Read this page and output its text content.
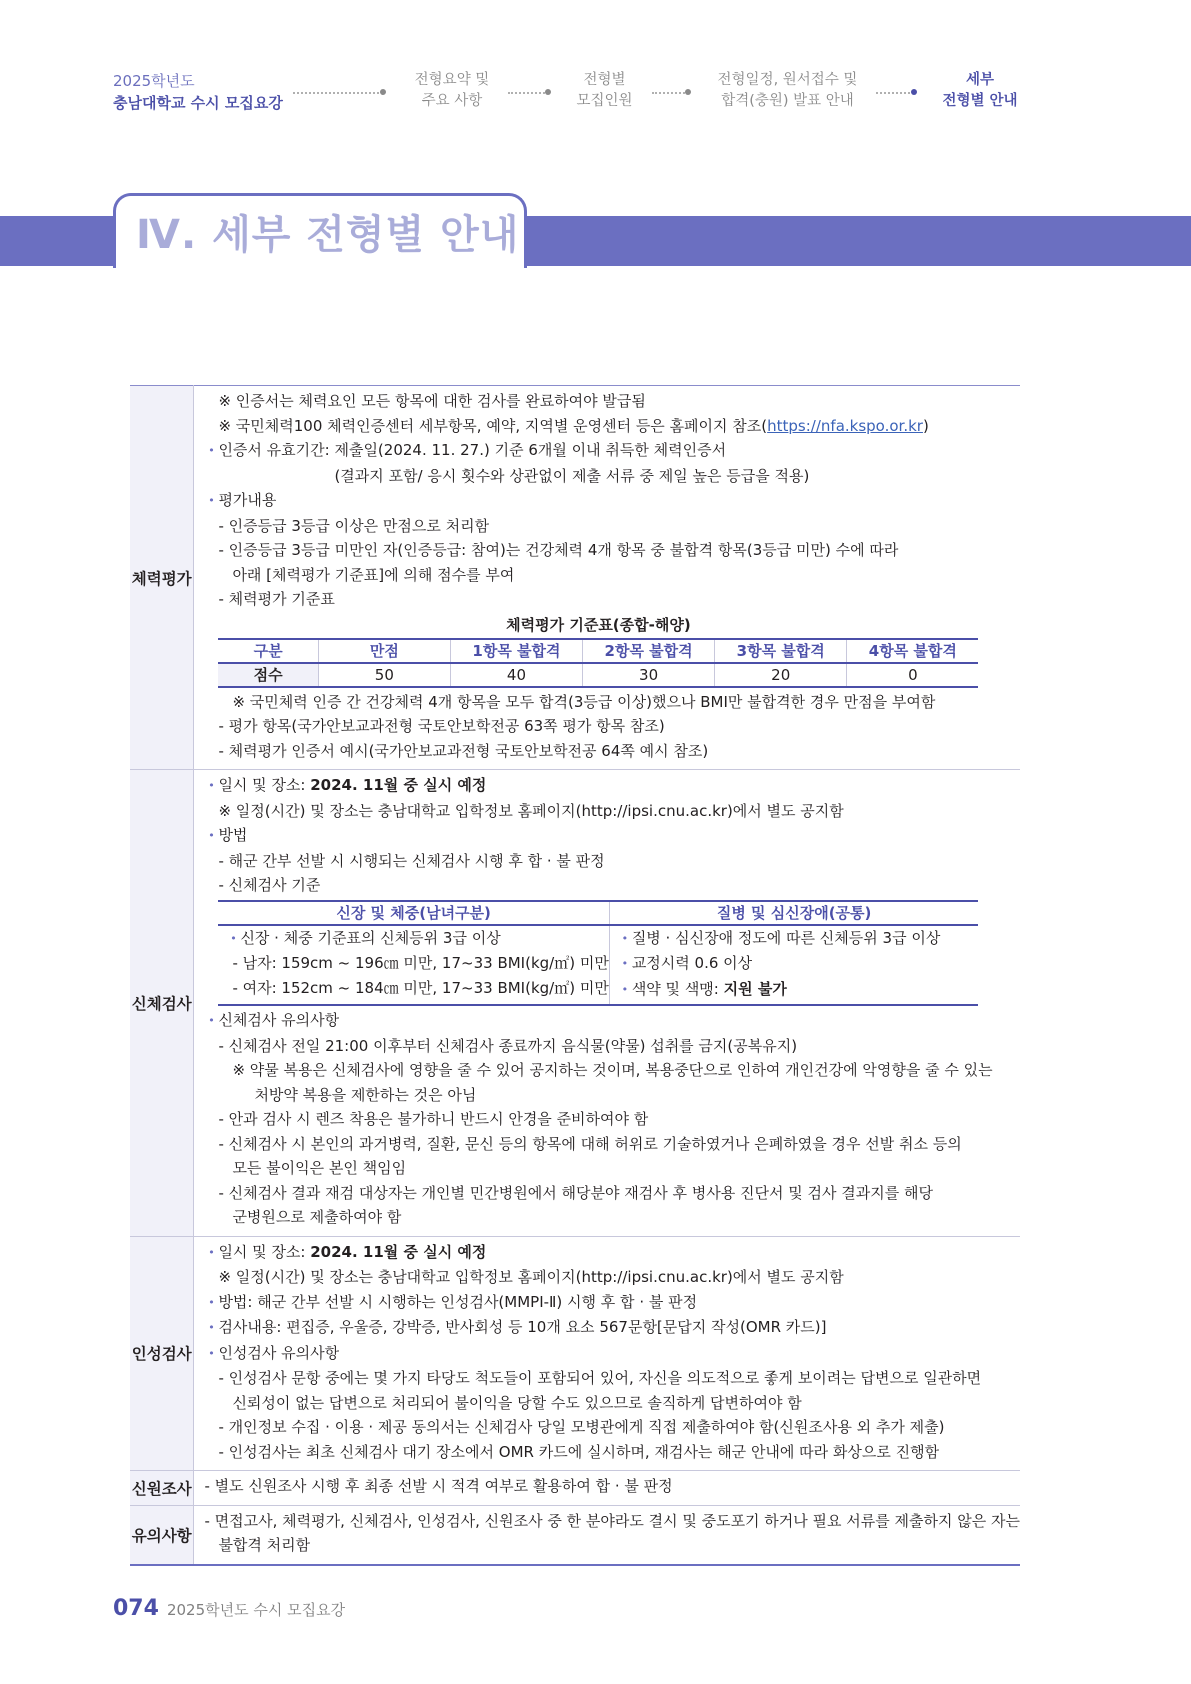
2025학년도
충남대학교 수시 모집요강
전형요약 및
주요 사항
전형별
모집인원
전형일정, 원서접수 및
합격(충원) 발표 안내
세부
전형별 안내
Ⅳ. 세부 전형별 안내
체력평가	
※ 인증서는 체력요인 모든 항목에 대한 검사를 완료하여야 발급됨
※ 국민체력100 체력인증센터 세부항목, 예약, 지역별 운영센터 등은 홈페이지 참조(https://nfa.kspo.or.kr)
• 인증서 유효기간: 제출일(2024. 11. 27.) 기준 6개월 이내 취득한 체력인증서
(결과지 포함/ 응시 횟수와 상관없이 제출 서류 중 제일 높은 등급을 적용)
• 평가내용
- 인증등급 3등급 이상은 만점으로 처리함
- 인증등급 3등급 미만인 자(인증등급: 참여)는 건강체력 4개 항목 중 불합격 항목(3등급 미만) 수에 따라
아래 [체력평가 기준표]에 의해 점수를 부여
- 체력평가 기준표
체력평가 기준표(종합-해양)
구분	만점	1항목 불합격	2항목 불합격	3항목 불합격	4항목 불합격
점수	50	40	30	20	0
※ 국민체력 인증 간 건강체력 4개 항목을 모두 합격(3등급 이상)했으나 BMI만 불합격한 경우 만점을 부여함
- 평가 항목(국가안보교과전형 국토안보학전공 63쪽 평가 항목 참조)
- 체력평가 인증서 예시(국가안보교과전형 국토안보학전공 64쪽 예시 참조)

신체검사	
• 일시 및 장소: 2024. 11월 중 실시 예정
※ 일정(시간) 및 장소는 충남대학교 입학정보 홈페이지(http://ipsi.cnu.ac.kr)에서 별도 공지함
• 방법
- 해군 간부 선발 시 시행되는 신체검사 시행 후 합 · 불 판정
- 신체검사 기준
신장 및 체중(남녀구분)	질병 및 심신장애(공통)

• 신장 · 체중 기준표의 신체등위 3급 이상
- 남자: 159cm ~ 196㎝ 미만, 17~33 BMI(kg/㎡) 미만
- 여자: 152cm ~ 184㎝ 미만, 17~33 BMI(kg/㎡) 미만

• 질병 · 심신장애 정도에 따른 신체등위 3급 이상
• 교정시력 0.6 이상
• 색약 및 색맹: 지원 불가
• 신체검사 유의사항
- 신체검사 전일 21:00 이후부터 신체검사 종료까지 음식물(약물) 섭취를 금지(공복유지)
※ 약물 복용은 신체검사에 영향을 줄 수 있어 공지하는 것이며, 복용중단으로 인하여 개인건강에 악영향을 줄 수 있는
처방약 복용을 제한하는 것은 아님
- 안과 검사 시 렌즈 착용은 불가하니 반드시 안경을 준비하여야 함
- 신체검사 시 본인의 과거병력, 질환, 문신 등의 항목에 대해 허위로 기술하였거나 은폐하였을 경우 선발 취소 등의
모든 불이익은 본인 책임임
- 신체검사 결과 재검 대상자는 개인별 민간병원에서 해당분야 재검사 후 병사용 진단서 및 검사 결과지를 해당
군병원으로 제출하여야 함

인성검사	
• 일시 및 장소: 2024. 11월 중 실시 예정
※ 일정(시간) 및 장소는 충남대학교 입학정보 홈페이지(http://ipsi.cnu.ac.kr)에서 별도 공지함
• 방법: 해군 간부 선발 시 시행하는 인성검사(MMPI-Ⅱ) 시행 후 합 · 불 판정
• 검사내용: 편집증, 우울증, 강박증, 반사회성 등 10개 요소 567문항[문답지 작성(OMR 카드)]
• 인성검사 유의사항
- 인성검사 문항 중에는 몇 가지 타당도 척도들이 포함되어 있어, 자신을 의도적으로 좋게 보이려는 답변으로 일관하면
신뢰성이 없는 답변으로 처리되어 불이익을 당할 수도 있으므로 솔직하게 답변하여야 함
- 개인정보 수집 · 이용 · 제공 동의서는 신체검사 당일 모병관에게 직접 제출하여야 함(신원조사용 외 추가 제출)
- 인성검사는 최초 신체검사 대기 장소에서 OMR 카드에 실시하며, 재검사는 해군 안내에 따라 화상으로 진행함

신원조사	- 별도 신원조사 시행 후 최종 선발 시 적격 여부로 활용하여 합 · 불 판정

유의사항	
- 면접고사, 체력평가, 신체검사, 인성검사, 신원조사 중 한 분야라도 결시 및 중도포기 하거나 필요 서류를 제출하지 않은 자는
불합격 처리함
074 2025학년도 수시 모집요강
